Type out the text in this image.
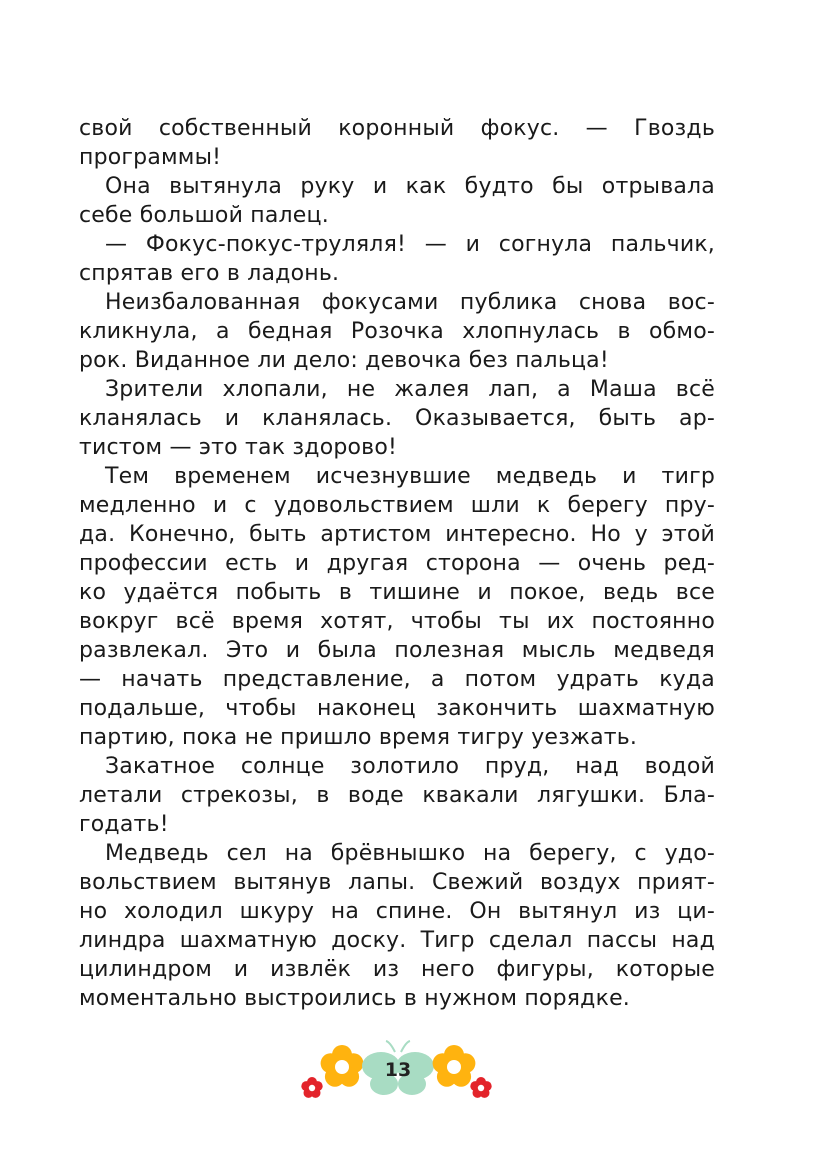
свой собственный коронный фокус. — Гвоздь
программы!
Она вытянула руку и как будто бы отрывала
себе большой палец.
— Фокус-покус-труляля! — и согнула пальчик,
спрятав его в ладонь.
Неизбалованная фокусами публика снова вос-
кликнула, а бедная Розочка хлопнулась в обмо-
рок. Виданное ли дело: девочка без пальца!
Зрители хлопали, не жалея лап, а Маша всё
кланялась и кланялась. Оказывается, быть ар-
тистом — это так здорово!
Тем временем исчезнувшие медведь и тигр
медленно и с удовольствием шли к берегу пру-
да. Конечно, быть артистом интересно. Но у этой
профессии есть и другая сторона — очень ред-
ко удаётся побыть в тишине и покое, ведь все
вокруг всё время хотят, чтобы ты их постоянно
развлекал. Это и была полезная мысль медведя
— начать представление, а потом удрать куда
подальше, чтобы наконец закончить шахматную
партию, пока не пришло время тигру уезжать.
Закатное солнце золотило пруд, над водой
летали стрекозы, в воде квакали лягушки. Бла-
годать!
Медведь сел на брёвнышко на берегу, с удо-
вольствием вытянув лапы. Свежий воздух прият-
но холодил шкуру на спине. Он вытянул из ци-
линдра шахматную доску. Тигр сделал пассы над
цилиндром и извлёк из него фигуры, которые
моментально выстроились в нужном порядке.
13
